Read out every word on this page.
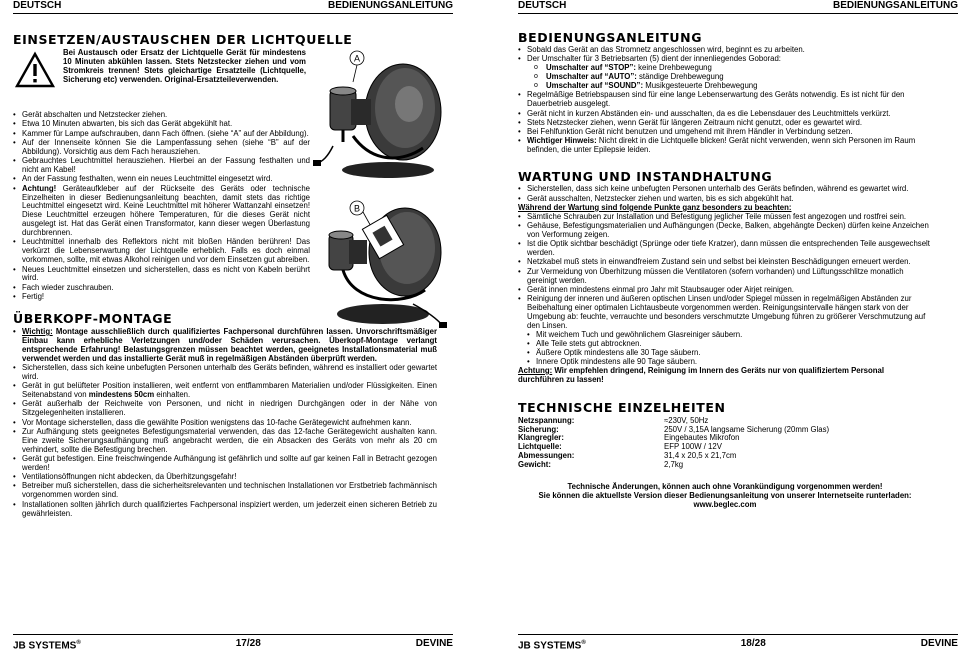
DEUTSCH	BEDIENUNGSANLEITUNG
EINSETZEN/AUSTAUSCHEN DER LICHTQUELLE
Bei Austausch oder Ersatz der Lichtquelle Gerät für mindestens 10 Minuten abkühlen lassen. Stets Netzstecker ziehen und vom Stromkreis trennen! Stets gleichartige Ersatzteile (Lichtquelle, Sicherung etc) verwenden. Original-Ersatzteileverwenden.
• Gerät abschalten und Netzstecker ziehen.
• Etwa 10 Minuten abwarten, bis sich das Gerät abgekühlt hat.
• Kammer für Lampe aufschrauben, dann Fach öffnen. (siehe “A” auf der Abbildung).
• Auf der Innenseite können Sie die Lampenfassung sehen (siehe “B” auf der Abbildung). Vorsichtig aus dem Fach herausziehen.
• Gebrauchtes Leuchtmittel herausziehen. Hierbei an der Fassung festhalten und nicht am Kabel!
• An der Fassung festhalten, wenn ein neues Leuchtmittel eingesetzt wird.
• Achtung! Geräteaufkleber auf der Rückseite des Geräts oder technische Einzelheiten in dieser Bedienungsanleitung beachten, damit stets das richtige Leuchtmittel eingesetzt wird. Keine Leuchtmittel mit höherer Wattanzahl einsetzen! Diese Leuchtmittel erzeugen höhere Temperaturen, für die dieses Gerät nicht ausgelegt ist. Hat das Gerät einen Transformator, kann dieser wegen Überlastung durchbrennen.
• Leuchtmittel innerhalb des Reflektors nicht mit bloßen Händen berühren! Das verkürzt die Lebenserwartung der Lichtquelle erheblich. Falls es doch einmal vorkommen, sollte, mit etwas Alkohol reinigen und vor dem Einsetzen gut abreiben.
• Neues Leuchtmittel einsetzen und sicherstellen, dass es nicht von Kabeln berührt wird.
• Fach wieder zuschrauben.
• Fertig!
A
B
ÜBERKOPF-MONTAGE
• Wichtig: Montage ausschließlich durch qualifiziertes Fachpersonal durchführen lassen. Unvorschriftsmäßiger Einbau kann erhebliche Verletzungen und/oder Schäden verursachen. Überkopf-Montage verlangt entsprechende Erfahrung! Belastungsgrenzen müssen beachtet werden, geeignetes Installationsmaterial muß verwendet werden und das installierte Gerät muß in regelmäßigen Abständen überprüft werden.
• Sicherstellen, dass sich keine unbefugten Personen unterhalb des Geräts befinden, während es installiert oder gewartet wird.
• Gerät in gut belüfteter Position installieren, weit entfernt von entflammbaren Materialien und/oder Flüssigkeiten. Einen Seitenabstand von mindestens 50cm einhalten.
• Gerät außerhalb der Reichweite von Personen, und nicht in niedrigen Durchgängen oder in der Nähe von Sitzgelegenheiten installieren.
• Vor Montage sicherstellen, dass die gewählte Position wenigstens das 10-fache Gerätegewicht aufnehmen kann.
• Zur Aufhängung stets geeignetes Befestigungsmaterial verwenden, das das 12-fache Gerätegewicht aushalten kann. Eine zweite Sicherungsaufhängung muß angebracht werden, die ein Absacken des Geräts von mehr als 20 cm verhindert, sollte die Befestigung brechen.
• Gerät gut befestigen. Eine freischwingende Aufhängung ist gefährlich und sollte auf gar keinen Fall in Betracht gezogen werden!
• Ventilationsöffnungen nicht abdecken, da Überhitzungsgefahr!
• Betreiber muß sicherstellen, dass die sicherheitsrelevanten und technischen Installationen vor Erstbetrieb fachmännisch vorgenommen worden sind.
• Installationen sollten jährlich durch qualifiziertes Fachpersonal inspiziert werden, um jederzeit einen sicheren Betrieb zu gewährleisten.
JB SYSTEMS®	17/28	DEVINE
DEUTSCH	BEDIENUNGSANLEITUNG
BEDIENUNGSANLEITUNG
• Sobald das Gerät an das Stromnetz angeschlossen wird, beginnt es zu arbeiten.
• Der Umschalter für 3 Betriebsarten (5) dient der innenliegendes Goborad:
o Umschalter auf “STOP”: keine Drehbewegung
o Umschalter auf “AUTO”: ständige Drehbewegung
o Umschalter auf “SOUND”: Musikgesteuerte Drehbewegung
• Regelmäßige Betriebspausen sind für eine lange Lebenserwartung des Geräts notwendig. Es ist nicht für den Dauerbetrieb ausgelegt.
• Gerät nicht in kurzen Abständen ein- und ausschalten, da es die Lebensdauer des Leuchtmittels verkürzt.
• Stets Netzstecker ziehen, wenn Gerät für längeren Zeitraum nicht genutzt, oder es gewartet wird.
• Bei Fehlfunktion Gerät nicht benutzen und umgehend mit ihrem Händler in Verbindung setzen.
• Wichtiger Hinweis: Nicht direkt in die Lichtquelle blicken! Gerät nicht verwenden, wenn sich Personen im Raum befinden, die unter Epilepsie leiden.
WARTUNG UND INSTANDHALTUNG
• Sicherstellen, dass sich keine unbefugten Personen unterhalb des Geräts befinden, während es gewartet wird.
• Gerät ausschalten, Netzstecker ziehen und warten, bis es sich abgekühlt hat.
Während der Wartung sind folgende Punkte ganz besonders zu beachten:
• Sämtliche Schrauben zur Installation und Befestigung jeglicher Teile müssen fest angezogen und rostfrei sein.
• Gehäuse, Befestigungsmaterialien und Aufhängungen (Decke, Balken, abgehängte Decken) dürfen keine Anzeichen von Verformung zeigen.
• Ist die Optik sichtbar beschädigt (Sprünge oder tiefe Kratzer), dann müssen die entsprechenden Teile ausgewechselt werden.
• Netzkabel muß stets in einwandfreiem Zustand sein und selbst bei kleinsten Beschädigungen erneuert werden.
• Zur Vermeidung von Überhitzung müssen die Ventilatoren (sofern vorhanden) und Lüftungsschlitze monatlich gereinigt werden.
• Gerät innen mindestens einmal pro Jahr mit Staubsauger oder Airjet reinigen.
• Reinigung der inneren und äußeren optischen Linsen und/oder Spiegel müssen in regelmäßigen Abständen zur Beibehaltung einer optimalen Lichtausbeute vorgenommen werden. Reinigungsintervalle hängen stark von der Umgebung ab: feuchte, verrauchte und besonders verschmutzte Umgebung führen zu größerer Verschmutzung auf den Linsen.
• Mit weichem Tuch und gewöhnlichem Glasreiniger säubern.
• Alle Teile stets gut abtrocknen.
• Äußere Optik mindestens alle 30 Tage säubern.
• Innere Optik mindestens alle 90 Tage säubern.
Achtung: Wir empfehlen dringend, Reinigung im Innern des Geräts nur von qualifiziertem Personal durchführen zu lassen!
TECHNISCHE EINZELHEITEN
Netzspannung:	≈230V, 50Hz
Sicherung:	250V / 3,15A langsame Sicherung (20mm Glas)
Klangregler:	Eingebautes Mikrofon
Lichtquelle:	EFP 100W / 12V
Abmessungen:	31,4 x 20,5 x 21,7cm
Gewicht:	2,7kg
Technische Änderungen, können auch ohne Vorankündigung vorgenommen werden!
Sie können die aktuellste Version dieser Bedienungsanleitung von unserer Internetseite runterladen:
www.beglec.com
JB SYSTEMS®	18/28	DEVINE
